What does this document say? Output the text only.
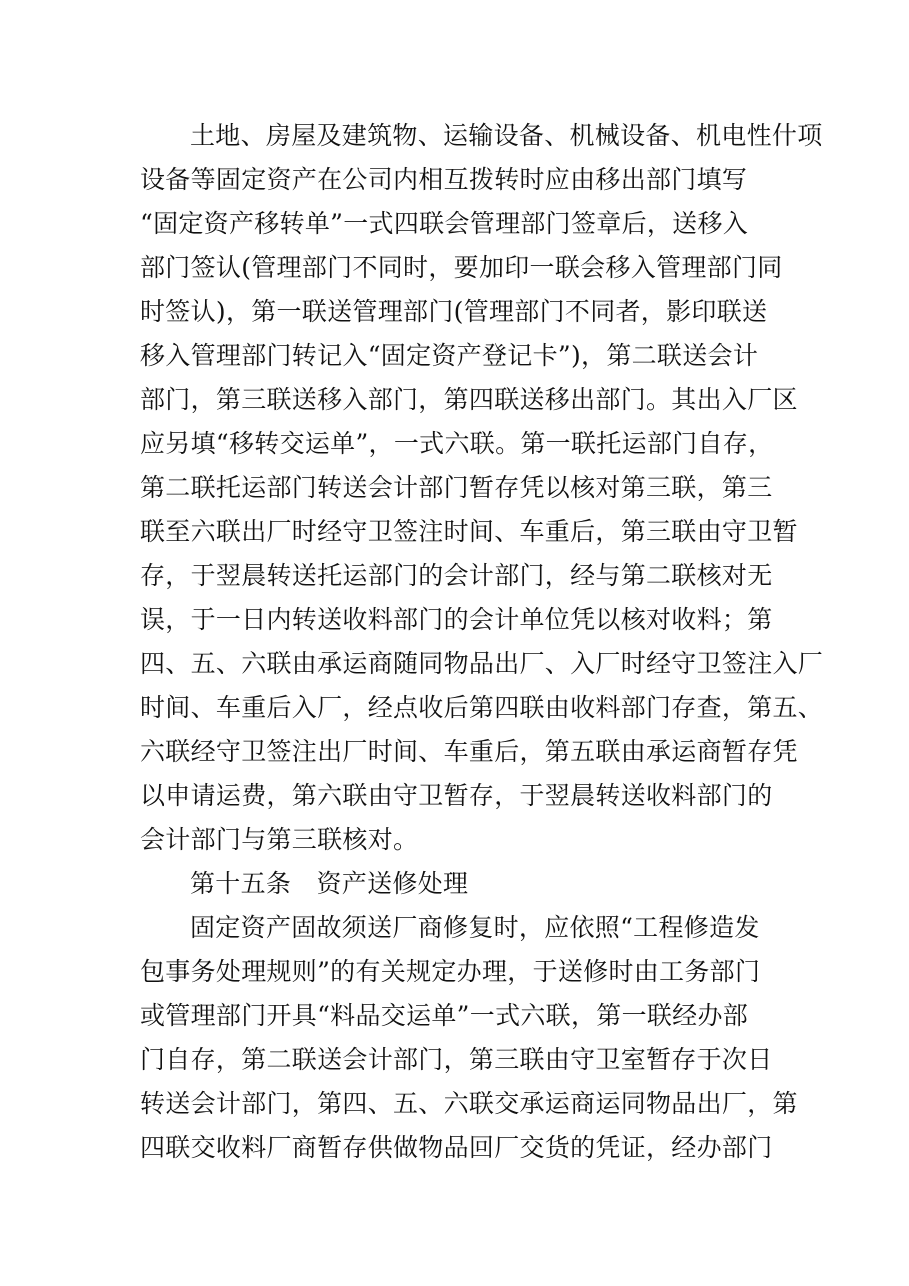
土地、房屋及建筑物、运输设备、机械设备、机电性什项
设备等固定资产在公司内相互拨转时应由移出部门填写
“固定资产移转单”一式四联会管理部门签章后，送移入
部门签认(管理部门不同时，要加印一联会移入管理部门同
时签认)，第一联送管理部门(管理部门不同者，影印联送
移入管理部门转记入“固定资产登记卡”)，第二联送会计
部门，第三联送移入部门，第四联送移出部门。其出入厂区
应另填“移转交运单”，一式六联。第一联托运部门自存，
第二联托运部门转送会计部门暂存凭以核对第三联，第三
联至六联出厂时经守卫签注时间、车重后，第三联由守卫暂
存，于翌晨转送托运部门的会计部门，经与第二联核对无
误，于一日内转送收料部门的会计单位凭以核对收料；第
四、五、六联由承运商随同物品出厂、入厂时经守卫签注入厂
时间、车重后入厂，经点收后第四联由收料部门存查，第五、
六联经守卫签注出厂时间、车重后，第五联由承运商暂存凭
以申请运费，第六联由守卫暂存，于翌晨转送收料部门的
会计部门与第三联核对。
第十五条　资产送修处理
固定资产固故须送厂商修复时，应依照“工程修造发
包事务处理规则”的有关规定办理，于送修时由工务部门
或管理部门开具“料品交运单”一式六联，第一联经办部
门自存，第二联送会计部门，第三联由守卫室暂存于次日
转送会计部门，第四、五、六联交承运商运同物品出厂，第
四联交收料厂商暂存供做物品回厂交货的凭证，经办部门
